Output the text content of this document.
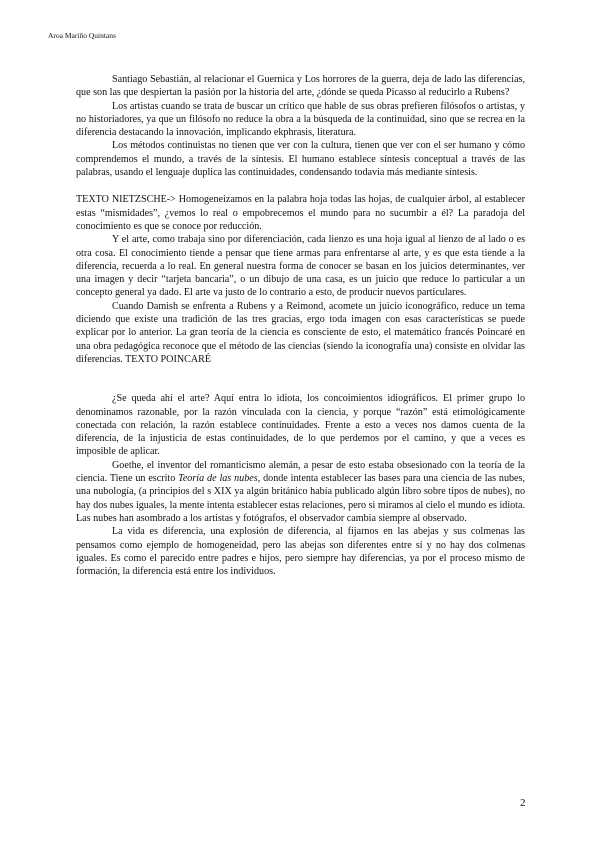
Aroa Mariño Quintans

Santiago Sebastián, al relacionar el Guernica y Los horrores de la guerra, deja de lado las diferencias, que son las que despiertan la pasión por la historia del arte, ¿dónde se queda Picasso al reducirlo a Rubens?

Los artistas cuando se trata de buscar un crítico que hable de sus obras prefieren filósofos o artistas, y no historiadores, ya que un filósofo no reduce la obra a la búsqueda de la continuidad, sino que se recrea en la diferencia destacando la innovación, implicando ekphrasis, literatura.

Los métodos continuistas no tienen que ver con la cultura, tienen que ver con el ser humano y cómo comprendemos el mundo, a través de la síntesis. El humano establece síntesis conceptual a través de las palabras, usando el lenguaje duplica las continuidades, condensando todavía más mediante síntesis.

TEXTO NIETZSCHE-> Homogeneizamos en la palabra hoja todas las hojas, de cualquier árbol, al establecer estas “mismidades”, ¿vemos lo real o empobrecemos el mundo para no sucumbir a él? La paradoja del conocimiento es que se conoce por reducción.

Y el arte, como trabaja sino por diferenciación, cada lienzo es una hoja igual al lienzo de al lado o es otra cosa. El conocimiento tiende a pensar que tiene armas para enfrentarse al arte, y es que esta tiende a la diferencia, recuerda a lo real. En general nuestra forma de conocer se basan en los juicios determinantes, ver una imagen y decir “tarjeta bancaria”, o un dibujo de una casa, es un juicio que reduce lo particular a un concepto general ya dado. El arte va justo de lo contrario a esto, de producir nuevos particulares.

Cuando Damish se enfrenta a Rubens y a Reimond, acomete un juicio iconográfico, reduce un tema diciendo que existe una tradición de las tres gracias, ergo toda imagen con esas características se puede explicar por lo anterior. La gran teoría de la ciencia es consciente de esto, el matemático francés Poincaré en una obra pedagógica reconoce que el método de las ciencias (siendo la iconografía una) consiste en olvidar las diferencias. TEXTO POINCARÉ

¿Se queda ahí el arte? Aquí entra lo idiota, los concoimientos idiográficos. El primer grupo lo denominamos razonable, por la razón vinculada con la ciencia, y porque “razón” está etimológicamente conectada con relación, la razón establece continuidades. Frente a esto a veces nos damos cuenta de la diferencia, de la injusticia de estas continuidades, de lo que perdemos por el camino, y que a veces es imposible de aplicar.

Goethe, el inventor del romanticismo alemán, a pesar de esto estaba obsesionado con la teoría de la ciencia. Tiene un escrito Teoría de las nubes, donde intenta establecer las bases para una ciencia de las nubes, una nubología, (a principios del s XIX ya algún británico había publicado algún libro sobre tipos de nubes), no hay dos nubes iguales, la mente intenta establecer estas relaciones, pero si miramos al cielo el mundo es idiota. Las nubes han asombrado a los artistas y fotógrafos, el observador cambia siempre al observado.

La vida es diferencia, una explosión de diferencia, al fijarnos en las abejas y sus colmenas las pensamos como ejemplo de homogeneidad, pero las abejas son diferentes entre sí y no hay dos colmenas iguales. Es como el parecido entre padres e hijos, pero siempre hay diferencias, ya por el proceso mismo de formación, la diferencia está entre los individuos.

2
